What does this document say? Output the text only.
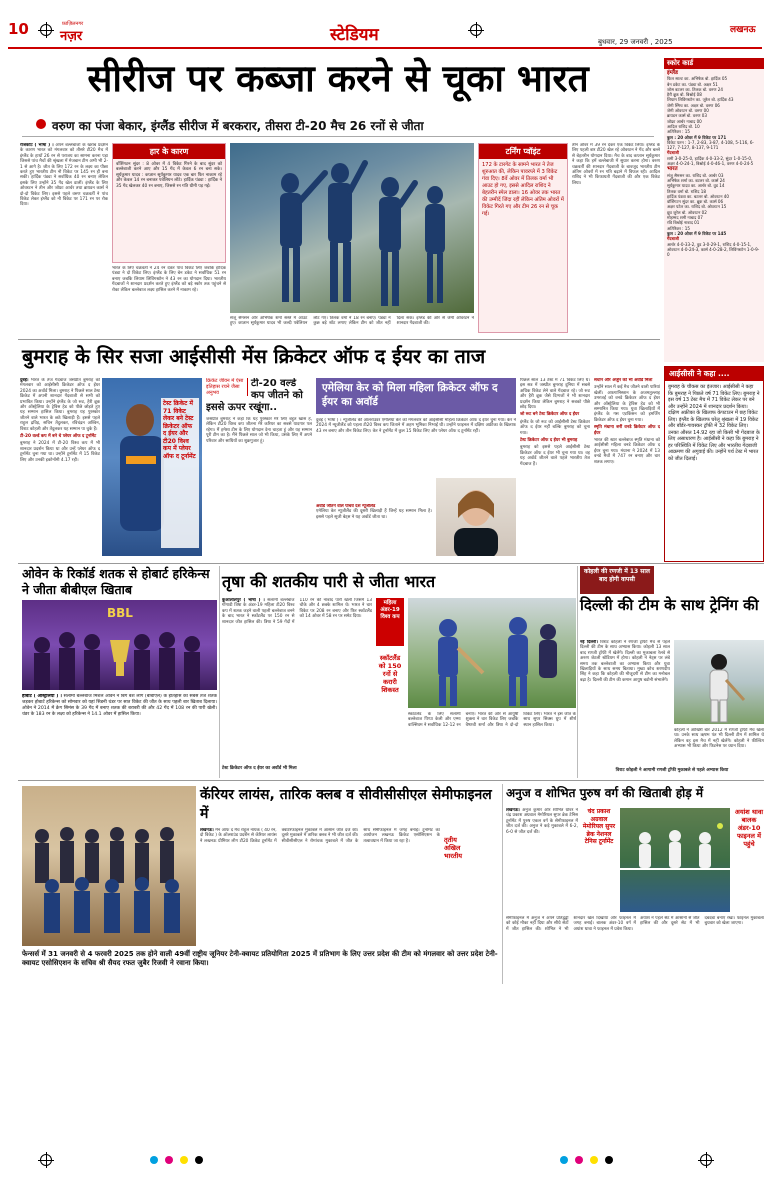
10	फ़ाज़िलनगर
नज़र	स्टेडियम	बुधवार, 29 जनवरी , 2025
लखनऊ
सीरीज पर कब्जा करने से चूका भारत
वरुण का पंजा बेकार, इंग्लैंड सीरीज में बरकरार, तीसरा टी-20 मैच 26 रनों से जीता
राजकोट ( भाषा ) । अपने बल्लेबाजों के खराब प्रदर्शन के कारण भारत को मंगलवार को तीसरे टी20 मैच में इंग्लैंड के हाथों 26 रन से पराजय का सामना करना पड़ा जिससे पांच मैचों की श्रृंखला में मेजबान टीम अभी भी 2-1 से आगे है। जीत के लिए 172 रन के लक्ष्य का पीछा करते हुए भारतीय टीम नौ विकेट पर 145 रन ही बना सकी। हार्दिक पंड्या ने सर्वाधिक 40 रन बनाए लेकिन इसके लिए उन्होंने 35 गेंद खेल डालीं। इंग्लैंड के लिए ओवरटन ने तीन और जोफ्रा आर्चर तथा ब्रायडन कार्स ने दो-दो विकेट लिए। इससे पहले वरुण चक्रवर्ती ने पांच विकेट लेकर इंग्लैंड को नौ विकेट पर 171 रन पर रोक दिया।
हार के कारण
वॉशिंगटन सुंदर : 8 ओवर में 4 विकेट गिरने के बाद सुंदर को बल्लेबाजी करने आए और 15 गेंद में केवल 6 रन बना सके। सूर्यकुमार यादव : कप्तान सूर्यकुमार यादव एक बार फिर नाकाम रहे और केवल 14 रन बनाकर पवेलियन लौटे। हार्दिक पंड्या : हार्दिक ने 35 गेंद खेलकर 40 रन बनाए, जिससे रन गति धीमी पड़ गई।
भारत के लिए चक्रवर्ती ने 24 रन देकर पांच विकेट लिए जबकि हार्दिक पंड्या ने दो विकेट लिए। इंग्लैंड के लिए बेन डकेट ने सर्वाधिक 51 रन बनाए जबकि लियाम लिविंगस्टोन ने 43 रन का योगदान दिया। भारतीय गेंदबाजों ने शानदार प्रदर्शन करते हुए इंग्लैंड को बड़े स्कोर तक पहुंचने से रोका लेकिन बल्लेबाज लक्ष्य हासिल करने में नाकाम रहे।
संजू सैमसन और अभिषेक शर्मा सस्ते में आउट हुए। कप्तान सूर्यकुमार यादव भी जल्दी पवेलियन लौट गए। तिलक वर्मा ने 18 रन बनाए। पंड्या ने कुछ बड़े शॉट लगाए लेकिन टीम को जीत नहीं दिला सके। इंग्लैंड की ओर से जेमी ओवरटन ने शानदार गेंदबाजी की।
टर्निंग प्वॉइंट
172 के टारगेट के सामने भारत ने तेज शुरुआत की, लेकिन पावरप्ले में 3 विकेट गंवा दिए। 8वें ओवर में तिलक वर्मा भी आउट हो गए, इससे आदिल राशिद ने बेहतरीन स्पेल डाला। 16 ओवर तक भारत की उम्मीदें जिंदा रहीं लेकिन अंतिम ओवरों में विकेट गिरते गए और टीम 26 रन से चूक गई।
तीन ओवर में 39 रन देकर एक विकेट लिया। इंग्लैंड के लिए पहली बार टी20 खेल रहे ओवरटन ने गेंद और बल्ले से बेहतरीन योगदान दिया। मैच के बाद कप्तान सूर्यकुमार ने कहा कि हमें बल्लेबाजी में सुधार करना होगा। वरुण चक्रवर्ती की शानदार गेंदबाजी के बावजूद भारतीय टीम अंतिम ओवरों में रन गति बढ़ाने में विफल रही। आदिल राशिद ने भी किफायती गेंदबाजी की और एक विकेट लिया।
स्कोर कार्ड
इंग्लैंड
फिल साल्ट का. अभिषेक बो. हार्दिक 05
बेन डकेट का. पंड्या बो. अक्षर 51
जोस बटलर का. तिलक बो. वरुण 24
हैरी ब्रूक बो. बिश्नोई 08
लियाम लिविंगस्टोन का. जुरेल बो. हार्दिक 43
जेमी स्मिथ का. अक्षर बो. वरुण 06
जेमी ओवरटन बो. वरुण 00
ब्रायडन कार्स बो. वरुण 03
जोफ्रा आर्चर नाबाद 00
आदिल राशिद बो. 10
अतिरिक्त : 15
कुल : 20 ओवर में 9 विकेट पर 171
विकेट पतन : 1-7, 2-83, 3-87, 4-108, 5-116, 6-127, 7-127, 8-137, 9-171
गेंदबाजी
शमी 3-0-25-0, हार्दिक 4-0-33-2, सुंदर 1-0-15-0, अक्षर 4-0-24-1, बिश्नोई 4-0-46-1, वरुण 4-0-24-5
भारत
संजू सैमसन का. राशिद बो. आर्चर 03
अभिषेक शर्मा का. बटलर बो. कार्स 24
सूर्यकुमार यादव का. आर्चर बो. वुड 14
तिलक वर्मा बो. राशिद 18
हार्दिक पंड्या का. बटलर बो. ओवरटन 40
वॉशिंगटन सुंदर का. ब्रूक बो. कार्स 06
अक्षर पटेल का. राशिद बो. ओवरटन 15
ध्रुव जुरेल बो. ओवरटन 02
मोहम्मद शमी नाबाद 07
रवि बिश्नोई नाबाद 01
अतिरिक्त : 15
कुल : 20 ओवर में 9 विकेट पर 145
गेंदबाजी
आर्चर 4-0-33-2, वुड 3-0-29-1, राशिद 4-0-15-1, ओवरटन 4-0-24-3, कार्स 4-0-28-2, लिविंगस्टोन 1-0-9-0
बुमराह के सिर सजा आईसीसी मेंस क्रिकेटर ऑफ द ईयर का ताज
दुबई। भारत के तेज गेंदबाज जसप्रीत बुमराह को मंगलवार को आईसीसी क्रिकेटर ऑफ द ईयर 2024 का अवॉर्ड मिला। बुमराह ने पिछले साल टेस्ट क्रिकेट में अपनी शानदार गेंदबाजी से सभी को प्रभावित किया। उन्होंने इंग्लैंड के जो रूट, हैरी ब्रूक और ऑस्ट्रेलिया के ट्रेविस हेड को पीछे छोड़ते हुए यह सम्मान हासिल किया। बुमराह यह पुरस्कार जीतने वाले भारत के छठे खिलाड़ी हैं। इससे पहले राहुल द्रविड़, सचिन तेंदुलकर, रविचंद्रन अश्विन, विराट कोहली और तेंदुलकर यह सम्मान पा चुके हैं।
टी-20 वर्ल्ड कप में बने थे प्लेयर ऑफ द टूर्नामेंट
बुमराह ने 2024 में टी-20 विश्व कप में भी शानदार प्रदर्शन किया था और उन्हें प्लेयर ऑफ द टूर्नामेंट चुना गया था। उन्होंने टूर्नामेंट में 15 विकेट लिए और उनकी इकोनॉमी 4.17 रही।
टेस्ट क्रिकेट में 71 विकेट लेकर बने टेस्ट क्रिकेटर ऑफ द ईयर और टी20 विश्व कप में प्लेयर ऑफ द टूर्नामेंट
क्रिकेट जीवन में ऐसा इतिहास रचने जैसा अनुभव
टी-20 वर्ल्ड कप जीतने को इससे ऊपर रखूंगा..
जसप्रीत बुमराह ने कहा कि यह पुरस्कार मेरे लिए बहुत खास है, लेकिन टी20 विश्व कप जीतना मेरे करियर का सबसे यादगार पल रहेगा। मैं हमेशा टीम के लिए योगदान देना चाहता हूं और यह सम्मान पूरी टीम का है। मैंने पिछले साल जो भी किया, उसके लिए मैं अपने परिवार और साथियों का शुक्रगुजार हूं।
एमेलिया केर को मिला महिला क्रिकेटर ऑफ द ईयर का अवॉर्ड
दुबई ( भाषा ) । न्यूजीलैंड की ऑलराउंडर एमेलिया केर को मंगलवार को आईसीसी महिला क्रिकेटर ऑफ द ईयर चुना गया। केर ने 2024 में न्यूजीलैंड को पहला टी20 विश्व कप जिताने में अहम भूमिका निभाई थी। उन्होंने फाइनल में दक्षिण अफ्रीका के खिलाफ 43 रन बनाए और तीन विकेट लिए। केर ने टूर्नामेंट में कुल 15 विकेट लिए और प्लेयर ऑफ द टूर्नामेंट रहीं।
अवॉर्ड जीतने वाले पांचवें देश न्यूजीलैंड
एमेलिया केर न्यूजीलैंड की दूसरी खिलाड़ी हैं जिन्हें यह सम्मान मिला है। इससे पहले सूजी बेट्स ने यह अवॉर्ड जीता था।
पिछले साल 13 टेस्ट में 71 विकेट लिए थे। इस सत्र में जस्प्रीत बुमराह दुनिया में सबसे अधिक विकेट लेने वाले गेंदबाज रहे। जो रूट और हैरी ब्रूक जैसे दिग्गजों ने भी शानदार प्रदर्शन किया लेकिन बुमराह ने सबको पीछे छोड़ दिया।
जो रूट बने टेस्ट क्रिकेटर ऑफ द ईयर
इंग्लैंड के जो रूट को आईसीसी टेस्ट क्रिकेटर ऑफ द ईयर नहीं बल्कि बुमराह को चुना गया।
टेस्ट क्रिकेटर ऑफ द ईयर भी बुमराह
बुमराह को इससे पहले आईसीसी टेस्ट क्रिकेटर ऑफ द ईयर भी चुना गया था। वह यह अवॉर्ड जीतने वाले पहले भारतीय तेज गेंदबाज हैं।
संधान और अर्जुन को भी अवॉर्ड मिला
उन्होंने साल में कई मैच जीतने वाली पारियां खेलीं। अफगानिस्तान के अजमतुल्लाह उमरजई को वनडे क्रिकेटर ऑफ द ईयर और ऑस्ट्रेलिया के ट्रेविस हेड को भी सम्मानित किया गया। युवा खिलाड़ियों में इंग्लैंड के गस एटकिंसन को इमर्जिंग क्रिकेटर ऑफ द ईयर चुना गया।
स्मृति मंधाना बनीं वनडे क्रिकेटर ऑफ द ईयर
भारत की स्टार बल्लेबाज स्मृति मंधाना को आईसीसी महिला वनडे क्रिकेटर ऑफ द ईयर चुना गया। मंधाना ने 2024 में 13 वनडे मैचों में 747 रन बनाए और चार शतक लगाए।
आईसीसी ने कहा ....
बुमराह के चौकस का इंतजार। आईसीसी ने कहा कि बुमराह ने पिछले वर्ष 71 विकेट लिए। बुमराह ने इस वर्ष 13 टेस्ट मैच में 71 विकेट लेकर पर बने और उन्होंने 2024 में शानदार प्रदर्शन किया। दक्षिण अफ्रीका के खिलाफ केपटाउन में छह विकेट लिए। इंग्लैंड के खिलाफ घरेलू श्रृंखला में 19 विकेट और बॉर्डर-गावस्कर ट्रॉफी में 32 विकेट लिए। उनका औसत 14.92 रहा जो किसी भी गेंदबाज के लिए असाधारण है। आईसीसी ने कहा कि बुमराह ने हर परिस्थिति में विकेट लिए और भारतीय गेंदबाजी आक्रमण की अगुवाई की। उन्होंने पर्थ टेस्ट में भारत को जीत दिलाई।
ओवेन के रिकॉर्ड शतक से होबार्ट हरिकेन्स ने जीता बीबीएल खिताब
BBL
होबार्ट ( ऑस्ट्रेलिया ) । सलामी बल्लेबाज मिशेल ओवेन ने बिग बैश लीग (बीबीएल) के इतिहास का सबसे तेज शतक जड़कर होबार्ट हरिकेन्स को सोमवार को यहां सिडनी थंडर पर सात विकेट की जीत के साथ पहली बार खिताब दिलाया। ओवेन ने 2014 में क्रेग सिमंस के 39 गेंद में बनाए शतक की बराबरी की और 42 गेंद में 108 रन की पारी खेली। थंडर के 183 रन के लक्ष्य को हरिकेन्स ने 14.1 ओवर में हासिल किया।
तृषा की शतकीय पारी से जीता भारत
कुआलालंपुर ( भाषा ) । सलामी बल्लेबाज गोंगाडी त्रिषा के अंडर-19 महिला टी20 विश्व कप में शतक जड़ने वाली पहली बल्लेबाज बनने के बाद भारत ने स्कॉटलैंड पर 150 रन से शानदार जीत हासिल की। त्रिषा ने 59 गेंदों में 110 रन की नाबाद पारी खेली जिसमें 13 चौके और 4 छक्के शामिल थे। भारत ने चार विकेट पर 208 रन बनाए और फिर स्कॉटलैंड को 14 ओवर में 58 रन पर समेट दिया।
महिला अंडर-19 विश्व कप
स्कॉटलैंड को 150 रनों से करारी शिकस्त
स्कॉटलैंड के लिए सलामी बल्लेबाज पिप्पा केली और एम्मा वाल्सिंघम ने सर्वाधिक 12-12 रन बनाए। भारत की ओर से आयुषी शुक्ला ने चार विकेट लिए जबकि वैष्णवी शर्मा और त्रिषा ने दो-दो विकेट लिए। भारत ने इस जीत के साथ सुपर सिक्स ग्रुप में शीर्ष स्थान हासिल किया।
टेस्ट क्रिकेटर ऑफ द ईयर का अवॉर्ड भी मिला
कोहली की रणजी में 13 साल बाद होगी वापसी
दिल्ली की टीम के साथ ट्रेनिंग की
नई दिल्ली। विराट कोहली ने रणजी ट्रॉफी मैच से पहले दिल्ली की टीम के साथ अभ्यास किया। कोहली 13 साल बाद रणजी ट्रॉफी में खेलेंगे। दिल्ली का मुकाबला रेलवे से अरुण जेटली स्टेडियम में होगा। कोहली ने नेट्स पर लंबे समय तक बल्लेबाजी का अभ्यास किया और युवा खिलाड़ियों के साथ समय बिताया। मुख्य कोच शरणदीप सिंह ने कहा कि कोहली की मौजूदगी से टीम का मनोबल बढ़ा है। दिल्ली की टीम की कमान आयुष बडोनी संभालेंगे।
कोहली ने आखिरी बार 2012 में रणजी ट्रॉफी मैच खेला था। उनके साथ ऋषभ पंत भी दिल्ली टीम में शामिल थे लेकिन वह इस मैच में नहीं खेलेंगे। कोहली ने फील्डिंग अभ्यास भी किया और फिटनेस पर ध्यान दिया।
विराट कोहली ने आगामी रणजी ट्रॉफी मुकाबले से पहले अभ्यास किया
कॅरियर लायंस, तारिक क्लब व सीवीसीसीएल सेमीफाइनल में
लखनऊ। मैन ऑफ द मैच राहुल नायक ( 40 रन, दो विकेट ) के ऑलराउंड प्रदर्शन से कॅरियर लायंस ने लखनऊ प्रीमियर लीग टी20 क्रिकेट टूर्नामेंट में क्वार्टरफाइनल मुकाबले में आसान जीत दर्ज की। दूसरे मुकाबले में तारिक क्लब ने भी जीत दर्ज की। सीवीसीसीएल ने रोमांचक मुकाबले में जीत के साथ सेमीफाइनल में जगह बनाई। टूर्नामेंट का आयोजन लखनऊ क्रिकेट एसोसिएशन के तत्वावधान में किया जा रहा है।	तृतीय अखिल भारतीय
फेन्सर्स में 31 जनवरी से 4 फरवरी 2025 तक होने वाली 49वीं राष्ट्रीय जूनियर टेनी-क्वायट प्रतियोगिता 2025 में प्रतिभाग के लिए उत्तर प्रदेश की टीम को मंगलवार को उत्तर प्रदेश टेनी-क्वायट एसोसिएशन के सचिव श्री सैयद रफत जुबैर रिजवी ने रवाना किया।
अनुज व शोभित पुरुष वर्ग की खिताबी होड़ में
लखनऊ। अनुज कुमार और शोभित ग्रोवर ने चंद्र प्रकाश अग्रवाल मेमोरियल सुपर ब्रेक टेनिस टूर्नामेंट में पुरुष एकल वर्ग के सेमीफाइनल में जीत दर्ज की। अनुज ने कड़े मुकाबले में 6-2, 6-0 से जीत दर्ज की।
चंद प्रकाश अग्रवाल मेमोरियल सुपर ब्रेक नेशनल टेनिस टूर्नामेंट
अयांश थावा बालक अंडर-10 फाइनल में पहुंचे
सेमीफाइनल में अनुज ने अपने प्रतिद्वंद्वी को कोई मौका नहीं दिया और सीधे सेटों में जीत हासिल की। शोभित ने भी शानदार खेल दिखाया और फाइनल में जगह बनाई। बालक अंडर-10 वर्ग में अयांश थावा ने फाइनल में प्रवेश किया।
अयांश ने पहले सेट में आसानी से जीत हासिल की और दूसरे सेट में भी दबदबा बनाए रखा। फाइनल मुकाबला बुधवार को खेला जाएगा।
